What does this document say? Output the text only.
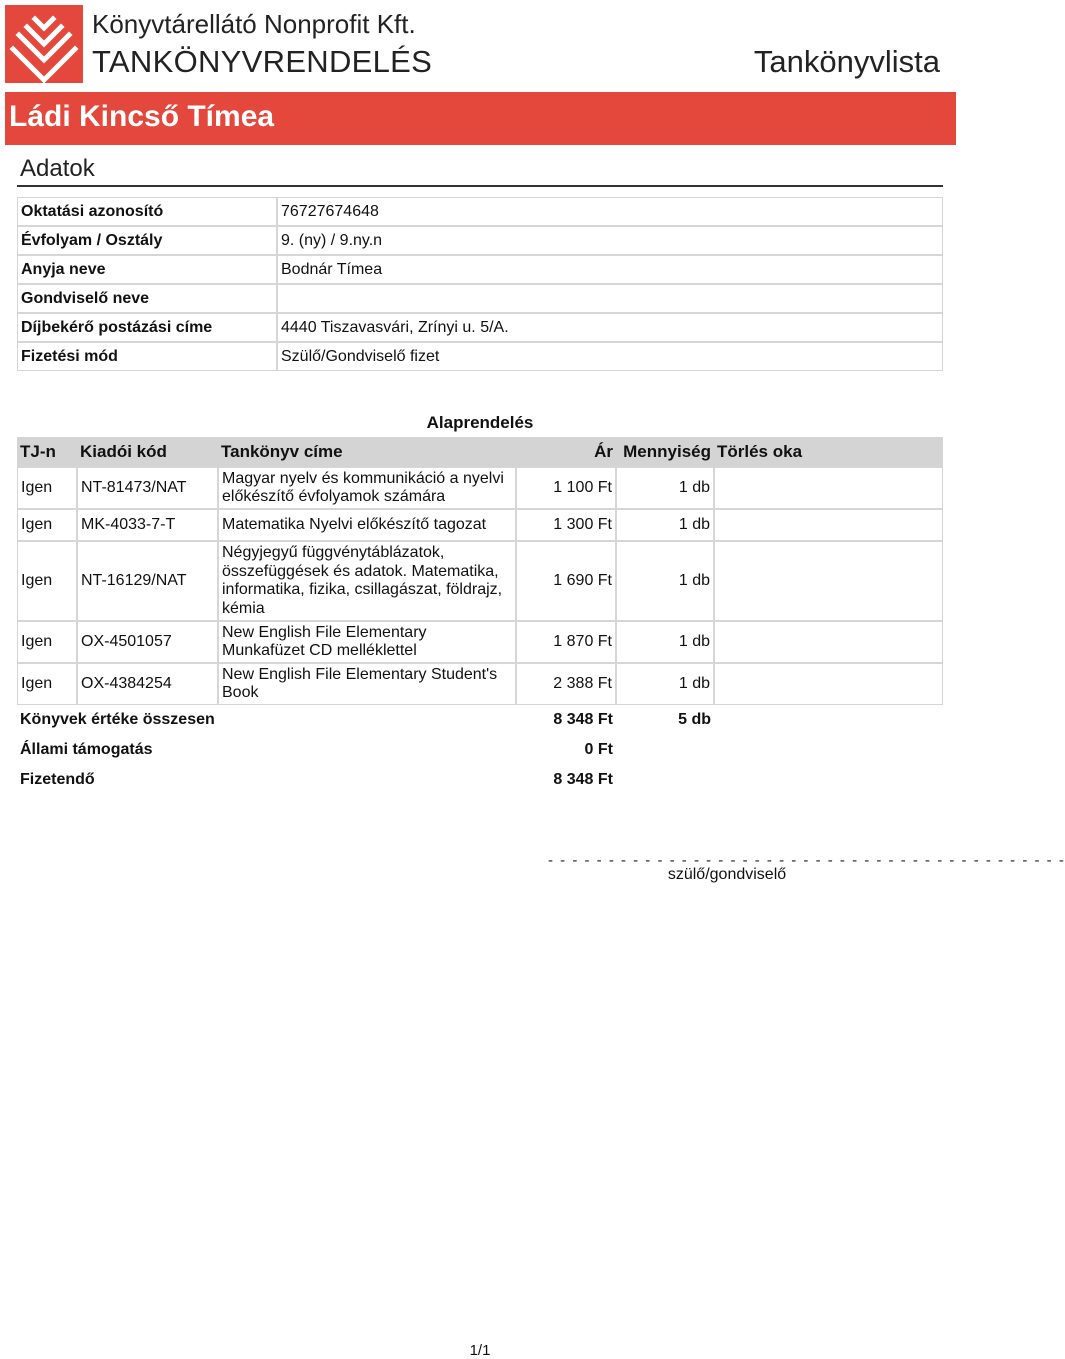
Könyvtárellátó Nonprofit Kft.
TANKÖNYVRENDELÉS	Tankönyvlista
Ládi Kincső Tímea
Adatok
Oktatási azonosító	76727674648
Évfolyam / Osztály	9. (ny) / 9.ny.n
Anyja neve	Bodnár Tímea
Gondviselő neve	
Díjbekérő postázási címe	4440 Tiszavasvári, Zrínyi u. 5/A.
Fizetési mód	Szülő/Gondviselő fizet
Alaprendelés
TJ-n	Kiadói kód	Tankönyv címe	Ár	Mennyiség	Törlés oka
Igen	NT-81473/NAT	Magyar nyelv és kommunikáció a nyelvi előkészítő évfolyamok számára	1 100 Ft	1 db	
Igen	MK-4033-7-T	Matematika Nyelvi előkészítő tagozat	1 300 Ft	1 db	
Igen	NT-16129/NAT	Négyjegyű függvénytáblázatok, összefüggések és adatok. Matematika, informatika, fizika, csillagászat, földrajz, kémia	1 690 Ft	1 db	
Igen	OX-4501057	New English File Elementary Munkafüzet CD melléklettel	1 870 Ft	1 db	
Igen	OX-4384254	New English File Elementary Student's Book	2 388 Ft	1 db	
Könyvek értéke összesen			8 348 Ft	5 db	
Állami támogatás			0 Ft		
Fizetendő			8 348 Ft		
- - - - - - - - - - - - - - - - - - - - - - - - - - - - - - - - - - - - - - - - - - -
szülő/gondviselő
1/1
